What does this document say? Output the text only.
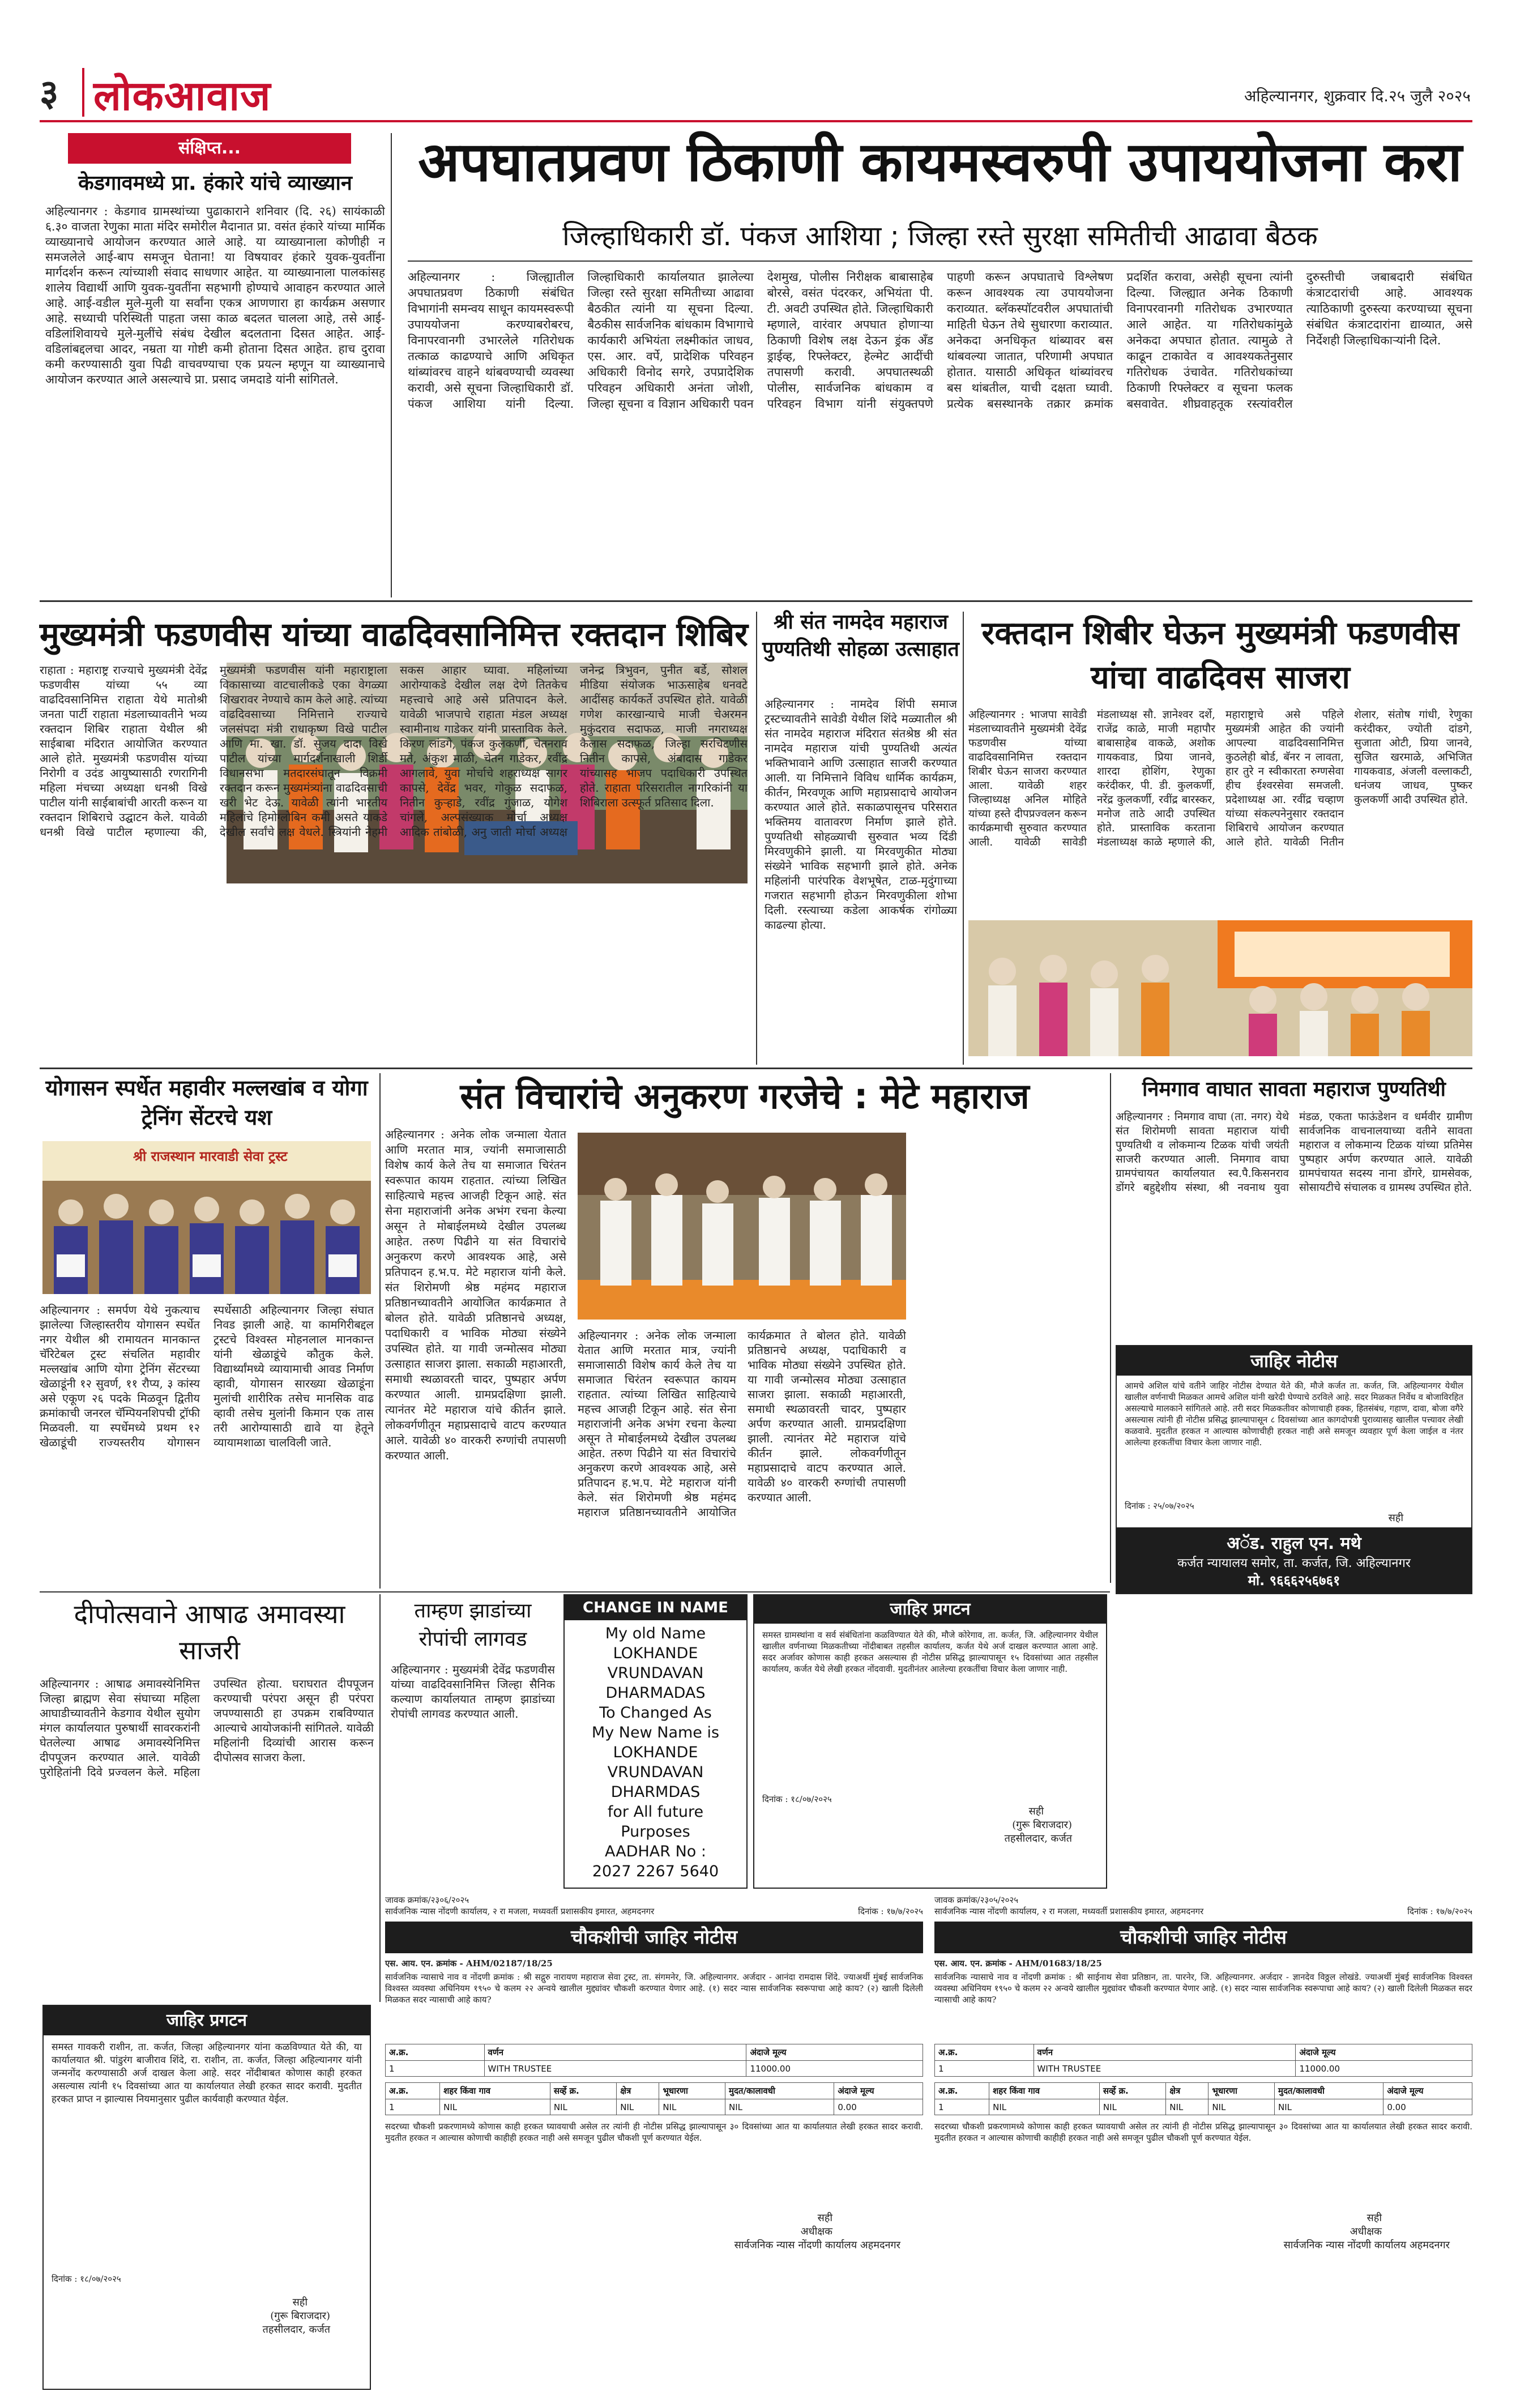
३ लोकआवाज	अहिल्यानगर, शुक्रवार दि.२५ जुलै २०२५
संक्षिप्त...
केडगावमध्ये प्रा. हंकारे यांचे व्याख्यान
अहिल्यानगर : केडगाव ग्रामस्थांच्या पुढाकाराने शनिवार (दि. २६) सायंकाळी ६.३० वाजता रेणुका माता मंदिर समोरील मैदानात प्रा. वसंत हंकारे यांच्या मार्मिक व्याख्यानाचे आयोजन करण्यात आले आहे. या व्याख्यानाला कोणीही न समजलेले आई-बाप समजून घेताना! या विषयावर हंकारे युवक-युवतींना मार्गदर्शन करून त्यांच्याशी संवाद साधणार आहेत. या व्याख्यानाला पालकांसह शालेय विद्यार्थी आणि युवक-युवतींना सहभागी होण्याचे आवाहन करण्यात आले आहे. आई-वडील मुले-मुली या सर्वांना एकत्र आणणारा हा कार्यक्रम असणार आहे. सध्याची परिस्थिती पाहता जसा काळ बदलत चालला आहे, तसे आई-वडिलांशिवायचे मुले-मुलींचे संबंध देखील बदलताना दिसत आहेत. आई-वडिलांबद्दलचा आदर, नम्रता या गोष्टी कमी होताना दिसत आहेत. हाच दुरावा कमी करण्यासाठी युवा पिढी वाचवण्याचा एक प्रयत्न म्हणून या व्याख्यानाचे आयोजन करण्यात आले असल्याचे प्रा. प्रसाद जमदाडे यांनी सांगितले.
अपघातप्रवण ठिकाणी कायमस्वरुपी उपाययोजना करा
जिल्हाधिकारी डॉ. पंकज आशिया ; जिल्हा रस्ते सुरक्षा समितीची आढावा बैठक
अहिल्यानगर : जिल्ह्यातील अपघातप्रवण ठिकाणी संबंधित विभागांनी समन्वय साधून कायमस्वरूपी उपाययोजना करण्याबरोबरच, विनापरवानगी उभारलेले गतिरोधक तत्काळ काढण्याचे आणि अधिकृत थांब्यांवरच वाहने थांबवण्याची व्यवस्था करावी, असे सूचना जिल्हाधिकारी डॉ. पंकज आशिया यांनी दिल्या. जिल्हाधिकारी कार्यालयात झालेल्या जिल्हा रस्ते सुरक्षा समितीच्या आढावा बैठकीत त्यांनी या सूचना दिल्या. बैठकीस सार्वजनिक बांधकाम विभागाचे कार्यकारी अभियंता लक्ष्मीकांत जाधव, एस. आर. वर्पे, प्रादेशिक परिवहन अधिकारी विनोद सगरे, उपप्रादेशिक परिवहन अधिकारी अनंता जोशी, जिल्हा सूचना व विज्ञान अधिकारी पवन देशमुख, पोलीस निरीक्षक बाबासाहेब बोरसे, वसंत पंदरकर, अभियंता पी. टी. अवटी उपस्थित होते. जिल्हाधिकारी म्हणाले, वारंवार अपघात होणाऱ्या ठिकाणी विशेष लक्ष देऊन ड्रंक अँड ड्राईव्ह, रिफ्लेक्टर, हेल्मेट आदींची तपासणी करावी. अपघातस्थळी पोलीस, सार्वजनिक बांधकाम व परिवहन विभाग यांनी संयुक्तपणे पाहणी करून अपघाताचे विश्लेषण करून आवश्यक त्या उपाययोजना कराव्यात. ब्लॅकस्पॉटवरील अपघातांची माहिती घेऊन तेथे सुधारणा कराव्यात. अनेकदा अनधिकृत थांब्यावर बस थांबवल्या जातात, परिणामी अपघात होतात. यासाठी अधिकृत थांब्यांवरच बस थांबतील, याची दक्षता घ्यावी. प्रत्येक बसस्थानके तक्रार क्रमांक प्रदर्शित करावा, असेही सूचना त्यांनी दिल्या. जिल्ह्यात अनेक ठिकाणी विनापरवानगी गतिरोधक उभारण्यात आले आहेत. या गतिरोधकांमुळे अनेकदा अपघात होतात. त्यामुळे ते काढून टाकावेत व आवश्यकतेनुसार गतिरोधक उंचावेत. गतिरोधकांच्या ठिकाणी रिफ्लेक्टर व सूचना फलक बसवावेत. शीघ्रवाहतूक रस्त्यांवरील दुरुस्तीची जबाबदारी संबंधित कंत्राटदारांची आहे. आवश्यक त्याठिकाणी दुरुस्त्या करण्याच्या सूचना संबंधित कंत्राटदारांना द्याव्यात, असे निर्देशही जिल्हाधिकाऱ्यांनी दिले.
मुख्यमंत्री फडणवीस यांच्या वाढदिवसानिमित्त रक्तदान शिबिर
राहाता : महाराष्ट्र राज्याचे मुख्यमंत्री देवेंद्र फडणवीस यांच्या ५५ व्या वाढदिवसानिमित्त राहाता येथे मातोश्री जनता पार्टी राहाता मंडलाच्यावतीने भव्य रक्तदान शिबिर राहाता येथील श्री साईबाबा मंदिरात आयोजित करण्यात आले होते. मुख्यमंत्री फडणवीस यांच्या निरोगी व उदंड आयुष्यासाठी रणरागिनी महिला मंचच्या अध्यक्षा धनश्री विखे पाटील यांनी साईबाबांची आरती करून या रक्तदान शिबिराचे उद्घाटन केले. यावेळी धनश्री विखे पाटील म्हणाल्या की, मुख्यमंत्री फडणवीस यांनी महाराष्ट्राला विकासाच्या वाटचालीकडे एका वेगळ्या शिखरावर नेण्याचे काम केले आहे. त्यांच्या वाढदिवसाच्या निमित्ताने राज्याचे जलसंपदा मंत्री राधाकृष्ण विखे पाटील आणि मा. खा. डॉ. सुजय दादा विखे पाटील यांच्या मार्गदर्शनाखाली शिर्डी विधानसभा मतदारसंघातून विक्रमी रक्तदान करून मुख्यमंत्र्यांना वाढदिवसाची खरी भेट देऊ. यावेळी त्यांनी भारतीय महिलांचे हिमोग्लोबिन कमी असते याकडे देखील सर्वांचे लक्ष वेधले. स्त्रियांनी नेहमी सकस आहार घ्यावा. महिलांच्या आरोग्याकडे देखील लक्ष देणे तितकेच महत्त्वाचे आहे असे प्रतिपादन केले. यावेळी भाजपाचे राहाता मंडल अध्यक्ष स्वामीनाथ गाडेकर यांनी प्रास्ताविक केले. किरण लांडगे, पंकज कुलकर्णी, चेतनराव मते, अंकुश माळी, चेतन गाडेकर, रवींद्र आगलावे, युवा मोर्चाचे शहराध्यक्ष सागर कापसे, देवेंद्र भवर, गोकुळ सदाफळ, नितीन कुऱ्हाडे, रवींद्र गुंजाळ, योगेश चांगले, अल्पसंख्याक मोर्चा अध्यक्ष आदिक तांबोळी, अनु जाती मोर्चा अध्यक्ष जनेन्द्र त्रिभुवन, पुनीत बर्डे, सोशल मीडिया संयोजक भाऊसाहेब धनवटे आदींसह कार्यकर्ते उपस्थित होते. यावेळी गणेश कारखान्याचे माजी चेअरमन मुकुंदराव सदाफळ, माजी नगराध्यक्ष कैलास सदाफळ, जिल्हा सरचिटणीस नितीन कापसे, अंबादास गाडेकर यांच्यासह भाजप पदाधिकारी उपस्थित होते. राहाता परिसरातील नागरिकांनी या शिबिराला उत्स्फूर्त प्रतिसाद दिला.
श्री संत नामदेव महाराज पुण्यतिथी सोहळा उत्साहात
अहिल्यानगर : नामदेव शिंपी समाज ट्रस्टच्यावतीने सावेडी येथील शिंदे मळ्यातील श्री संत नामदेव महाराज मंदिरात संतश्रेष्ठ श्री संत नामदेव महाराज यांची पुण्यतिथी अत्यंत भक्तिभावाने आणि उत्साहात साजरी करण्यात आली. या निमित्ताने विविध धार्मिक कार्यक्रम, कीर्तन, मिरवणूक आणि महाप्रसादाचे आयोजन करण्यात आले होते. सकाळपासूनच परिसरात भक्तिमय वातावरण निर्माण झाले होते. पुण्यतिथी सोहळ्याची सुरुवात भव्य दिंडी मिरवणुकीने झाली. या मिरवणुकीत मोठ्या संख्येने भाविक सहभागी झाले होते. अनेक महिलांनी पारंपरिक वेशभूषेत, टाळ-मृदुंगाच्या गजरात सहभागी होऊन मिरवणुकीला शोभा दिली. रस्त्याच्या कडेला आकर्षक रांगोळ्या काढल्या होत्या.
रक्तदान शिबीर घेऊन मुख्यमंत्री फडणवीस यांचा वाढदिवस साजरा
अहिल्यानगर : भाजपा सावेडी मंडलाच्यावतीने मुख्यमंत्री देवेंद्र फडणवीस यांच्या वाढदिवसानिमित्त रक्तदान शिबीर घेऊन साजरा करण्यात आला. यावेळी शहर जिल्हाध्यक्ष अनिल मोहिते यांच्या हस्ते दीपप्रज्वलन करून कार्यक्रमाची सुरुवात करण्यात आली. यावेळी सावेडी मंडलाध्यक्ष सौ. ज्ञानेश्वर दर्शे, राजेंद्र काळे, माजी महापौर बाबासाहेब वाकळे, अशोक गायकवाड, प्रिया जानवे, शारदा होशिंग, रेणुका करंदीकर, पी. डी. कुलकर्णी, नरेंद्र कुलकर्णी, रवींद्र बारस्कर, मनोज ताठे आदी उपस्थित होते. प्रास्ताविक करताना मंडलाध्यक्ष काळे म्हणाले की, महाराष्ट्राचे असे पहिले मुख्यमंत्री आहेत की ज्यांनी आपल्या वाढदिवसानिमित्त कुठलेही बोर्ड, बॅनर न लावता, हार तुरे न स्वीकारता रुग्णसेवा हीच ईश्वरसेवा समजली. प्रदेशाध्यक्ष आ. रवींद्र चव्हाण यांच्या संकल्पनेनुसार रक्तदान शिबिराचे आयोजन करण्यात आले होते. यावेळी नितीन शेलार, संतोष गांधी, रेणुका करंदीकर, ज्योती दांडगे, सुजाता ओटी, प्रिया जानवे, सुजित खरमाळे, अभिजित गायकवाड, अंजली वल्लाकटी, धनंजय जाधव, पुष्कर कुलकर्णी आदी उपस्थित होते.
योगासन स्पर्धेत महावीर मल्लखांब व योगा ट्रेनिंग सेंटरचे यश
श्री राजस्थान मारवाडी सेवा ट्रस्ट
अहिल्यानगर : समर्पण येथे नुकत्याच झालेल्या जिल्हास्तरीय योगासन स्पर्धेत नगर येथील श्री रामायतन मानकान्त चॅरिटेबल ट्रस्ट संचलित महावीर मल्लखांब आणि योगा ट्रेनिंग सेंटरच्या खेळाडूंनी १२ सुवर्ण, ११ रौप्य, ३ कांस्य असे एकूण २६ पदके मिळवून द्वितीय क्रमांकाची जनरल चॅम्पियनशिपची ट्रॉफी मिळवली. या स्पर्धेमध्ये प्रथम १२ खेळाडूंची राज्यस्तरीय योगासन स्पर्धेसाठी अहिल्यानगर जिल्हा संघात निवड झाली आहे. या कामगिरीबद्दल ट्रस्टचे विश्वस्त मोहनलाल मानकान्त यांनी खेळाडूंचे कौतुक केले. विद्यार्थ्यांमध्ये व्यायामाची आवड निर्माण व्हावी, योगासन सारख्या खेळाडूंना मुलांची शारीरिक तसेच मानसिक वाढ व्हावी तसेच मुलांनी किमान एक तास तरी आरोग्यासाठी द्यावे या हेतूने व्यायामशाळा चालविली जाते.
संत विचारांचे अनुकरण गरजेचे : मेटे महाराज
अहिल्यानगर : अनेक लोक जन्माला येतात आणि मरतात मात्र, ज्यांनी समाजासाठी विशेष कार्य केले तेच या समाजात चिरंतन स्वरूपात कायम राहतात. त्यांच्या लिखित साहित्याचे महत्त्व आजही टिकून आहे. संत सेना महाराजांनी अनेक अभंग रचना केल्या असून ते मोबाईलमध्ये देखील उपलब्ध आहेत. तरुण पिढीने या संत विचारांचे अनुकरण करणे आवश्यक आहे, असे प्रतिपादन ह.भ.प. मेटे महाराज यांनी केले. संत शिरोमणी श्रेष्ठ महंमद महाराज प्रतिष्ठानच्यावतीने आयोजित कार्यक्रमात ते बोलत होते. यावेळी प्रतिष्ठानचे अध्यक्ष, पदाधिकारी व भाविक मोठ्या संख्येने उपस्थित होते. या गावी जन्मोत्सव मोठ्या उत्साहात साजरा झाला. सकाळी महाआरती, समाधी स्थळावरती चादर, पुष्पहार अर्पण करण्यात आली. ग्रामप्रदक्षिणा झाली. त्यानंतर मेटे महाराज यांचे कीर्तन झाले. लोकवर्गणीतून महाप्रसादाचे वाटप करण्यात आले. यावेळी ४० वारकरी रुग्णांची तपासणी करण्यात आली.
अहिल्यानगर : अनेक लोक जन्माला येतात आणि मरतात मात्र, ज्यांनी समाजासाठी विशेष कार्य केले तेच या समाजात चिरंतन स्वरूपात कायम राहतात. त्यांच्या लिखित साहित्याचे महत्त्व आजही टिकून आहे. संत सेना महाराजांनी अनेक अभंग रचना केल्या असून ते मोबाईलमध्ये देखील उपलब्ध आहेत. तरुण पिढीने या संत विचारांचे अनुकरण करणे आवश्यक आहे, असे प्रतिपादन ह.भ.प. मेटे महाराज यांनी केले. संत शिरोमणी श्रेष्ठ महंमद महाराज प्रतिष्ठानच्यावतीने आयोजित कार्यक्रमात ते बोलत होते. यावेळी प्रतिष्ठानचे अध्यक्ष, पदाधिकारी व भाविक मोठ्या संख्येने उपस्थित होते. या गावी जन्मोत्सव मोठ्या उत्साहात साजरा झाला. सकाळी महाआरती, समाधी स्थळावरती चादर, पुष्पहार अर्पण करण्यात आली. ग्रामप्रदक्षिणा झाली. त्यानंतर मेटे महाराज यांचे कीर्तन झाले. लोकवर्गणीतून महाप्रसादाचे वाटप करण्यात आले. यावेळी ४० वारकरी रुग्णांची तपासणी करण्यात आली.
निमगाव वाघात सावता महाराज पुण्यतिथी
अहिल्यानगर : निमगाव वाघा (ता. नगर) येथे संत शिरोमणी सावता महाराज यांची पुण्यतिथी व लोकमान्य टिळक यांची जयंती साजरी करण्यात आली. निमगाव वाघा ग्रामपंचायत कार्यालयात स्व.पै.किसनराव डोंगरे बहुद्देशीय संस्था, श्री नवनाथ युवा मंडळ, एकता फाऊंडेशन व धर्मवीर ग्रामीण सार्वजनिक वाचनालयाच्या वतीने सावता महाराज व लोकमान्य टिळक यांच्या प्रतिमेस पुष्पहार अर्पण करण्यात आले. यावेळी ग्रामपंचायत सदस्य नाना डोंगरे, ग्रामसेवक, सोसायटीचे संचालक व ग्रामस्थ उपस्थित होते.
जाहिर नोटीस
आमचे अशिल यांचे वतीने जाहिर नोटीस देण्यात येते की, मौजे कर्जत ता. कर्जत, जि. अहिल्यानगर येथील खालील वर्णनाची मिळकत आमचे अशिल यांनी खरेदी घेण्याचे ठरविले आहे. सदर मिळकत निर्वेध व बोजाविरहित असल्याचे मालकाने सांगितले आहे. तरी सदर मिळकतीवर कोणाचाही हक्क, हितसंबंध, गहाण, दावा, बोजा वगैरे असल्यास त्यांनी ही नोटीस प्रसिद्ध झाल्यापासून ८ दिवसांच्या आत कागदोपत्री पुराव्यासह खालील पत्त्यावर लेखी कळवावे. मुदतीत हरकत न आल्यास कोणाचीही हरकत नाही असे समजून व्यवहार पूर्ण केला जाईल व नंतर आलेल्या हरकतींचा विचार केला जाणार नाही.
दिनांक : २५/०७/२०२५
सही
अॅड. राहुल एन. मथे
कर्जत न्यायालय समोर, ता. कर्जत, जि. अहिल्यानगर
मो. ९६६६२५६७६१
दीपोत्सवाने आषाढ अमावस्या साजरी
अहिल्यानगर : आषाढ अमावस्येनिमित्त जिल्हा ब्राह्मण सेवा संघाच्या महिला आघाडीच्यावतीने केडगाव येथील सुयोग मंगल कार्यालयात पुरुषार्थी सावरकरांनी घेतलेल्या आषाढ अमावस्येनिमित्त दीपपूजन करण्यात आले. यावेळी पुरोहितांनी दिवे प्रज्वलन केले. महिला उपस्थित होत्या. घराघरात दीपपूजन करण्याची परंपरा असून ही परंपरा जपण्यासाठी हा उपक्रम राबविण्यात आल्याचे आयोजकांनी सांगितले. यावेळी महिलांनी दिव्यांची आरास करून दीपोत्सव साजरा केला.
ताम्हण झाडांच्या रोपांची लागवड
अहिल्यानगर : मुख्यमंत्री देवेंद्र फडणवीस यांच्या वाढदिवसानिमित्त जिल्हा सैनिक कल्याण कार्यालयात ताम्हण झाडांच्या रोपांची लागवड करण्यात आली.
CHANGE IN NAME
My old Name
LOKHANDE
VRUNDAVAN
DHARMADAS
To Changed As
My New Name is
LOKHANDE
VRUNDAVAN
DHARMDAS
for All future
Purposes
AADHAR No :
2027 2267 5640
जाहिर प्रगटन
समस्त ग्रामस्थांना व सर्व संबंधितांना कळविण्यात येते की, मौजे कोरेगाव, ता. कर्जत, जि. अहिल्यानगर येथील खालील वर्णनाच्या मिळकतीच्या नोंदीबाबत तहसील कार्यालय, कर्जत येथे अर्ज दाखल करण्यात आला आहे. सदर अर्जावर कोणास काही हरकत असल्यास ही नोटीस प्रसिद्ध झाल्यापासून १५ दिवसांच्या आत तहसील कार्यालय, कर्जत येथे लेखी हरकत नोंदवावी. मुदतीनंतर आलेल्या हरकतींचा विचार केला जाणार नाही.
दिनांक : १८/०७/२०२५
सही
(गुरू बिराजदार)
तहसीलदार, कर्जत
जाहिर प्रगटन
समस्त गावकरी राशीन, ता. कर्जत, जिल्हा अहिल्यानगर यांना कळविण्यात येते की, या कार्यालयात श्री. पांडुरंग बाजीराव शिंदे, रा. राशीन, ता. कर्जत, जिल्हा अहिल्यानगर यांनी जन्मनोंद करण्यासाठी अर्ज दाखल केला आहे. सदर नोंदीबाबत कोणास काही हरकत असल्यास त्यांनी १५ दिवसांच्या आत या कार्यालयात लेखी हरकत सादर करावी. मुदतीत हरकत प्राप्त न झाल्यास नियमानुसार पुढील कार्यवाही करण्यात येईल.
दिनांक : १८/०७/२०२५
सही
(गुरू बिराजदार)
तहसीलदार, कर्जत
जावक क्रमांक/२३०६/२०२५
सार्वजनिक न्यास नोंदणी कार्यालय, २ रा मजला, मध्यवर्ती प्रशासकीय इमारत, अहमदनगर	दिनांक : १७/७/२०२५
चौकशीची जाहिर नोटीस
एस. आय. एन. क्रमांक - AHM/02187/18/25
सार्वजनिक न्यासाचे नाव व नोंदणी क्रमांक : श्री सद्गुरु नारायण महाराज सेवा ट्रस्ट, ता. संगमनेर, जि. अहिल्यानगर. अर्जदार - आनंदा रामदास शिंदे. ज्याअर्थी मुंबई सार्वजनिक विश्वस्त व्यवस्था अधिनियम १९५० चे कलम २२ अन्वये खालील मुद्द्यांवर चौकशी करण्यात येणार आहे. (१) सदर न्यास सार्वजनिक स्वरूपाचा आहे काय? (२) खाली दिलेली मिळकत सदर न्यासाची आहे काय?
अ.क्र.	वर्णन	अंदाजे मूल्य
1	WITH TRUSTEE	11000.00
अ.क्र.	शहर किंवा गाव	सर्व्हे क्र.	क्षेत्र	भूधारणा	मुदत/कालावधी	अंदाजे मूल्य
1	NIL	NIL	NIL	NIL	NIL	0.00
सदरच्या चौकशी प्रकरणामध्ये कोणास काही हरकत घ्यावयाची असेल तर त्यांनी ही नोटीस प्रसिद्ध झाल्यापासून ३० दिवसांच्या आत या कार्यालयात लेखी हरकत सादर करावी. मुदतीत हरकत न आल्यास कोणाची काहीही हरकत नाही असे समजून पुढील चौकशी पूर्ण करण्यात येईल.
सही
अधीक्षक
सार्वजनिक न्यास नोंदणी कार्यालय अहमदनगर
जावक क्रमांक/२३०५/२०२५
सार्वजनिक न्यास नोंदणी कार्यालय, २ रा मजला, मध्यवर्ती प्रशासकीय इमारत, अहमदनगर	दिनांक : १७/७/२०२५
चौकशीची जाहिर नोटीस
एस. आय. एन. क्रमांक - AHM/01683/18/25
सार्वजनिक न्यासाचे नाव व नोंदणी क्रमांक : श्री साईनाथ सेवा प्रतिष्ठान, ता. पारनेर, जि. अहिल्यानगर. अर्जदार - ज्ञानदेव विठ्ठल लोखंडे. ज्याअर्थी मुंबई सार्वजनिक विश्वस्त व्यवस्था अधिनियम १९५० चे कलम २२ अन्वये खालील मुद्द्यांवर चौकशी करण्यात येणार आहे. (१) सदर न्यास सार्वजनिक स्वरूपाचा आहे काय? (२) खाली दिलेली मिळकत सदर न्यासाची आहे काय?
अ.क्र.	वर्णन	अंदाजे मूल्य
1	WITH TRUSTEE	11000.00
अ.क्र.	शहर किंवा गाव	सर्व्हे क्र.	क्षेत्र	भूधारणा	मुदत/कालावधी	अंदाजे मूल्य
1	NIL	NIL	NIL	NIL	NIL	0.00
सदरच्या चौकशी प्रकरणामध्ये कोणास काही हरकत घ्यावयाची असेल तर त्यांनी ही नोटीस प्रसिद्ध झाल्यापासून ३० दिवसांच्या आत या कार्यालयात लेखी हरकत सादर करावी. मुदतीत हरकत न आल्यास कोणाची काहीही हरकत नाही असे समजून पुढील चौकशी पूर्ण करण्यात येईल.
सही
अधीक्षक
सार्वजनिक न्यास नोंदणी कार्यालय अहमदनगर
